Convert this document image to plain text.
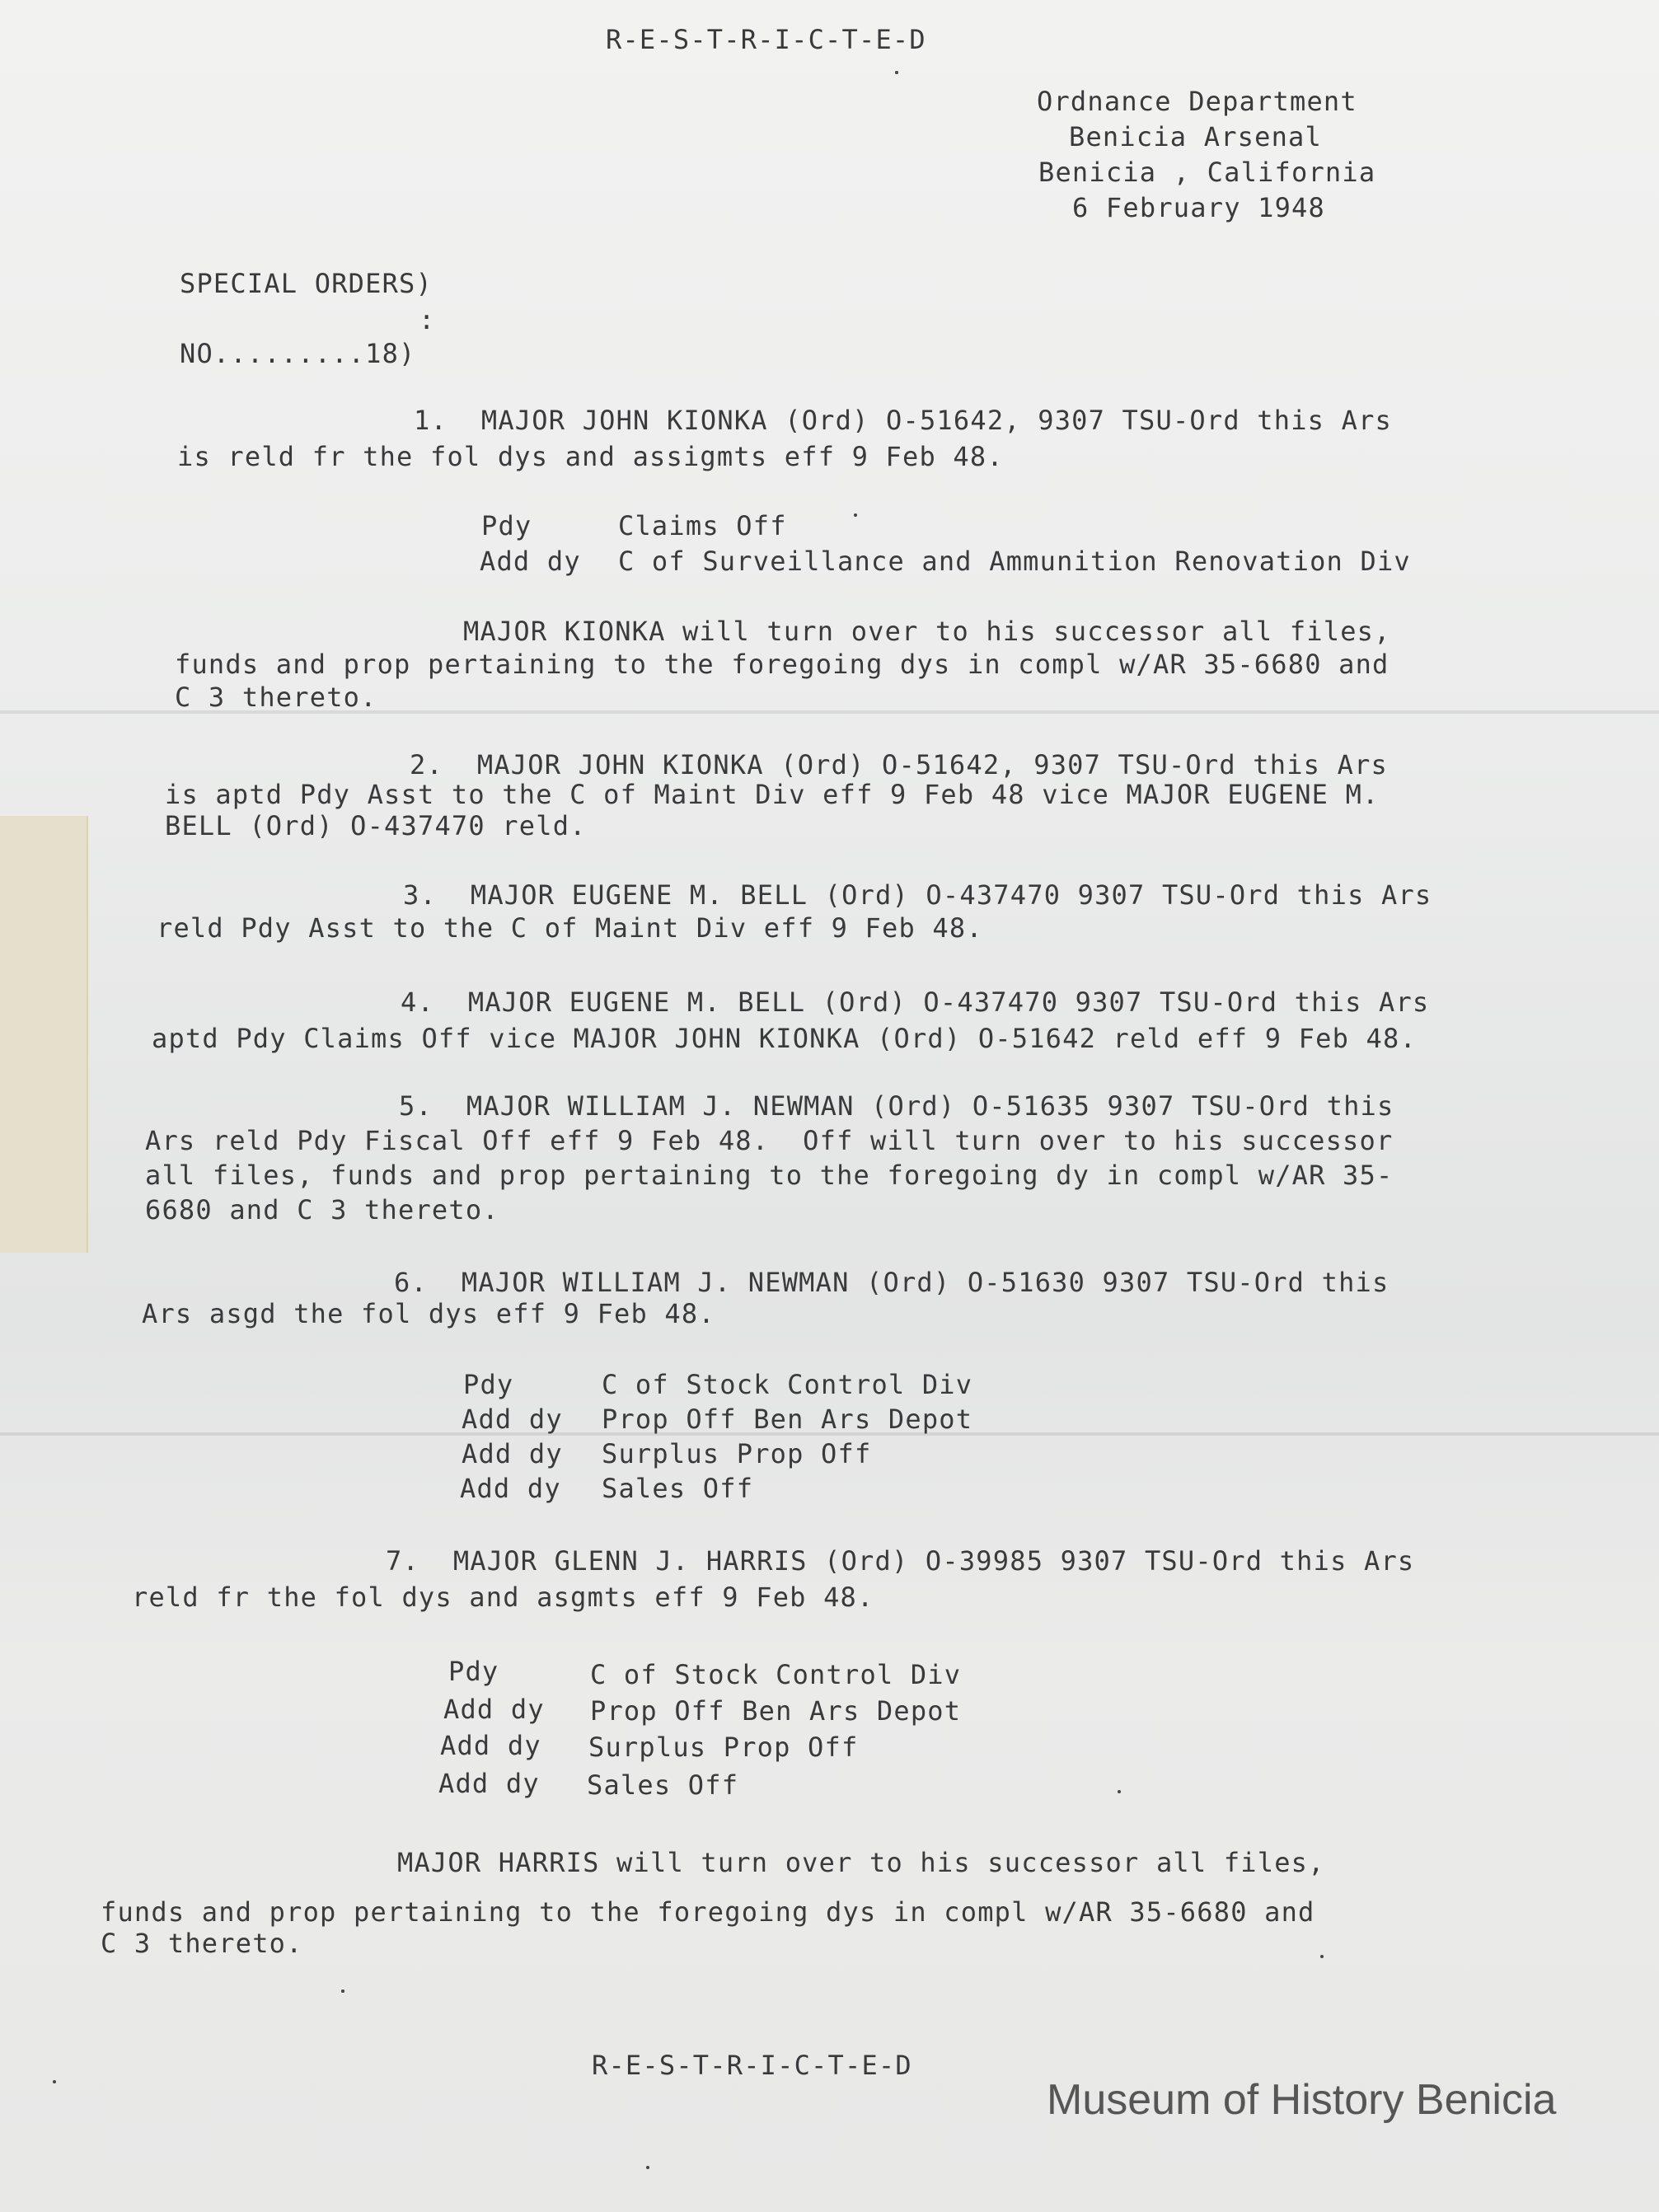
R-E-S-T-R-I-C-T-E-D
Ordnance Department
Benicia Arsenal
Benicia , California
6 February 1948
SPECIAL ORDERS)
:
NO.........18)
1.  MAJOR JOHN KIONKA (Ord) O-51642, 9307 TSU-Ord this Ars
is reld fr the fol dys and assigmts eff 9 Feb 48.
Pdy	Claims Off
Add dy C of Surveillance and Ammunition Renovation Div
MAJOR KIONKA will turn over to his successor all files,
funds and prop pertaining to the foregoing dys in compl w/AR 35-6680 and
C 3 thereto.
2.  MAJOR JOHN KIONKA (Ord) O-51642, 9307 TSU-Ord this Ars
is aptd Pdy Asst to the C of Maint Div eff 9 Feb 48 vice MAJOR EUGENE M.
BELL (Ord) O-437470 reld.
3.  MAJOR EUGENE M. BELL (Ord) O-437470 9307 TSU-Ord this Ars
reld Pdy Asst to the C of Maint Div eff 9 Feb 48.
4.  MAJOR EUGENE M. BELL (Ord) O-437470 9307 TSU-Ord this Ars
aptd Pdy Claims Off vice MAJOR JOHN KIONKA (Ord) O-51642 reld eff 9 Feb 48.
5.  MAJOR WILLIAM J. NEWMAN (Ord) O-51635 9307 TSU-Ord this
Ars reld Pdy Fiscal Off eff 9 Feb 48.  Off will turn over to his successor
all files, funds and prop pertaining to the foregoing dy in compl w/AR 35-
6680 and C 3 thereto.
6.  MAJOR WILLIAM J. NEWMAN (Ord) O-51630 9307 TSU-Ord this
Ars asgd the fol dys eff 9 Feb 48.
Pdy	C of Stock Control Div
Add dy Prop Off Ben Ars Depot
Add dy Surplus Prop Off
Add dy Sales Off
7.  MAJOR GLENN J. HARRIS (Ord) O-39985 9307 TSU-Ord this Ars
reld fr the fol dys and asgmts eff 9 Feb 48.
Pdy	C of Stock Control Div
Add dy Prop Off Ben Ars Depot
Add dy Surplus Prop Off
Add dy Sales Off
MAJOR HARRIS will turn over to his successor all files,
funds and prop pertaining to the foregoing dys in compl w/AR 35-6680 and
C 3 thereto.
R-E-S-T-R-I-C-T-E-D
Museum of History Benicia
